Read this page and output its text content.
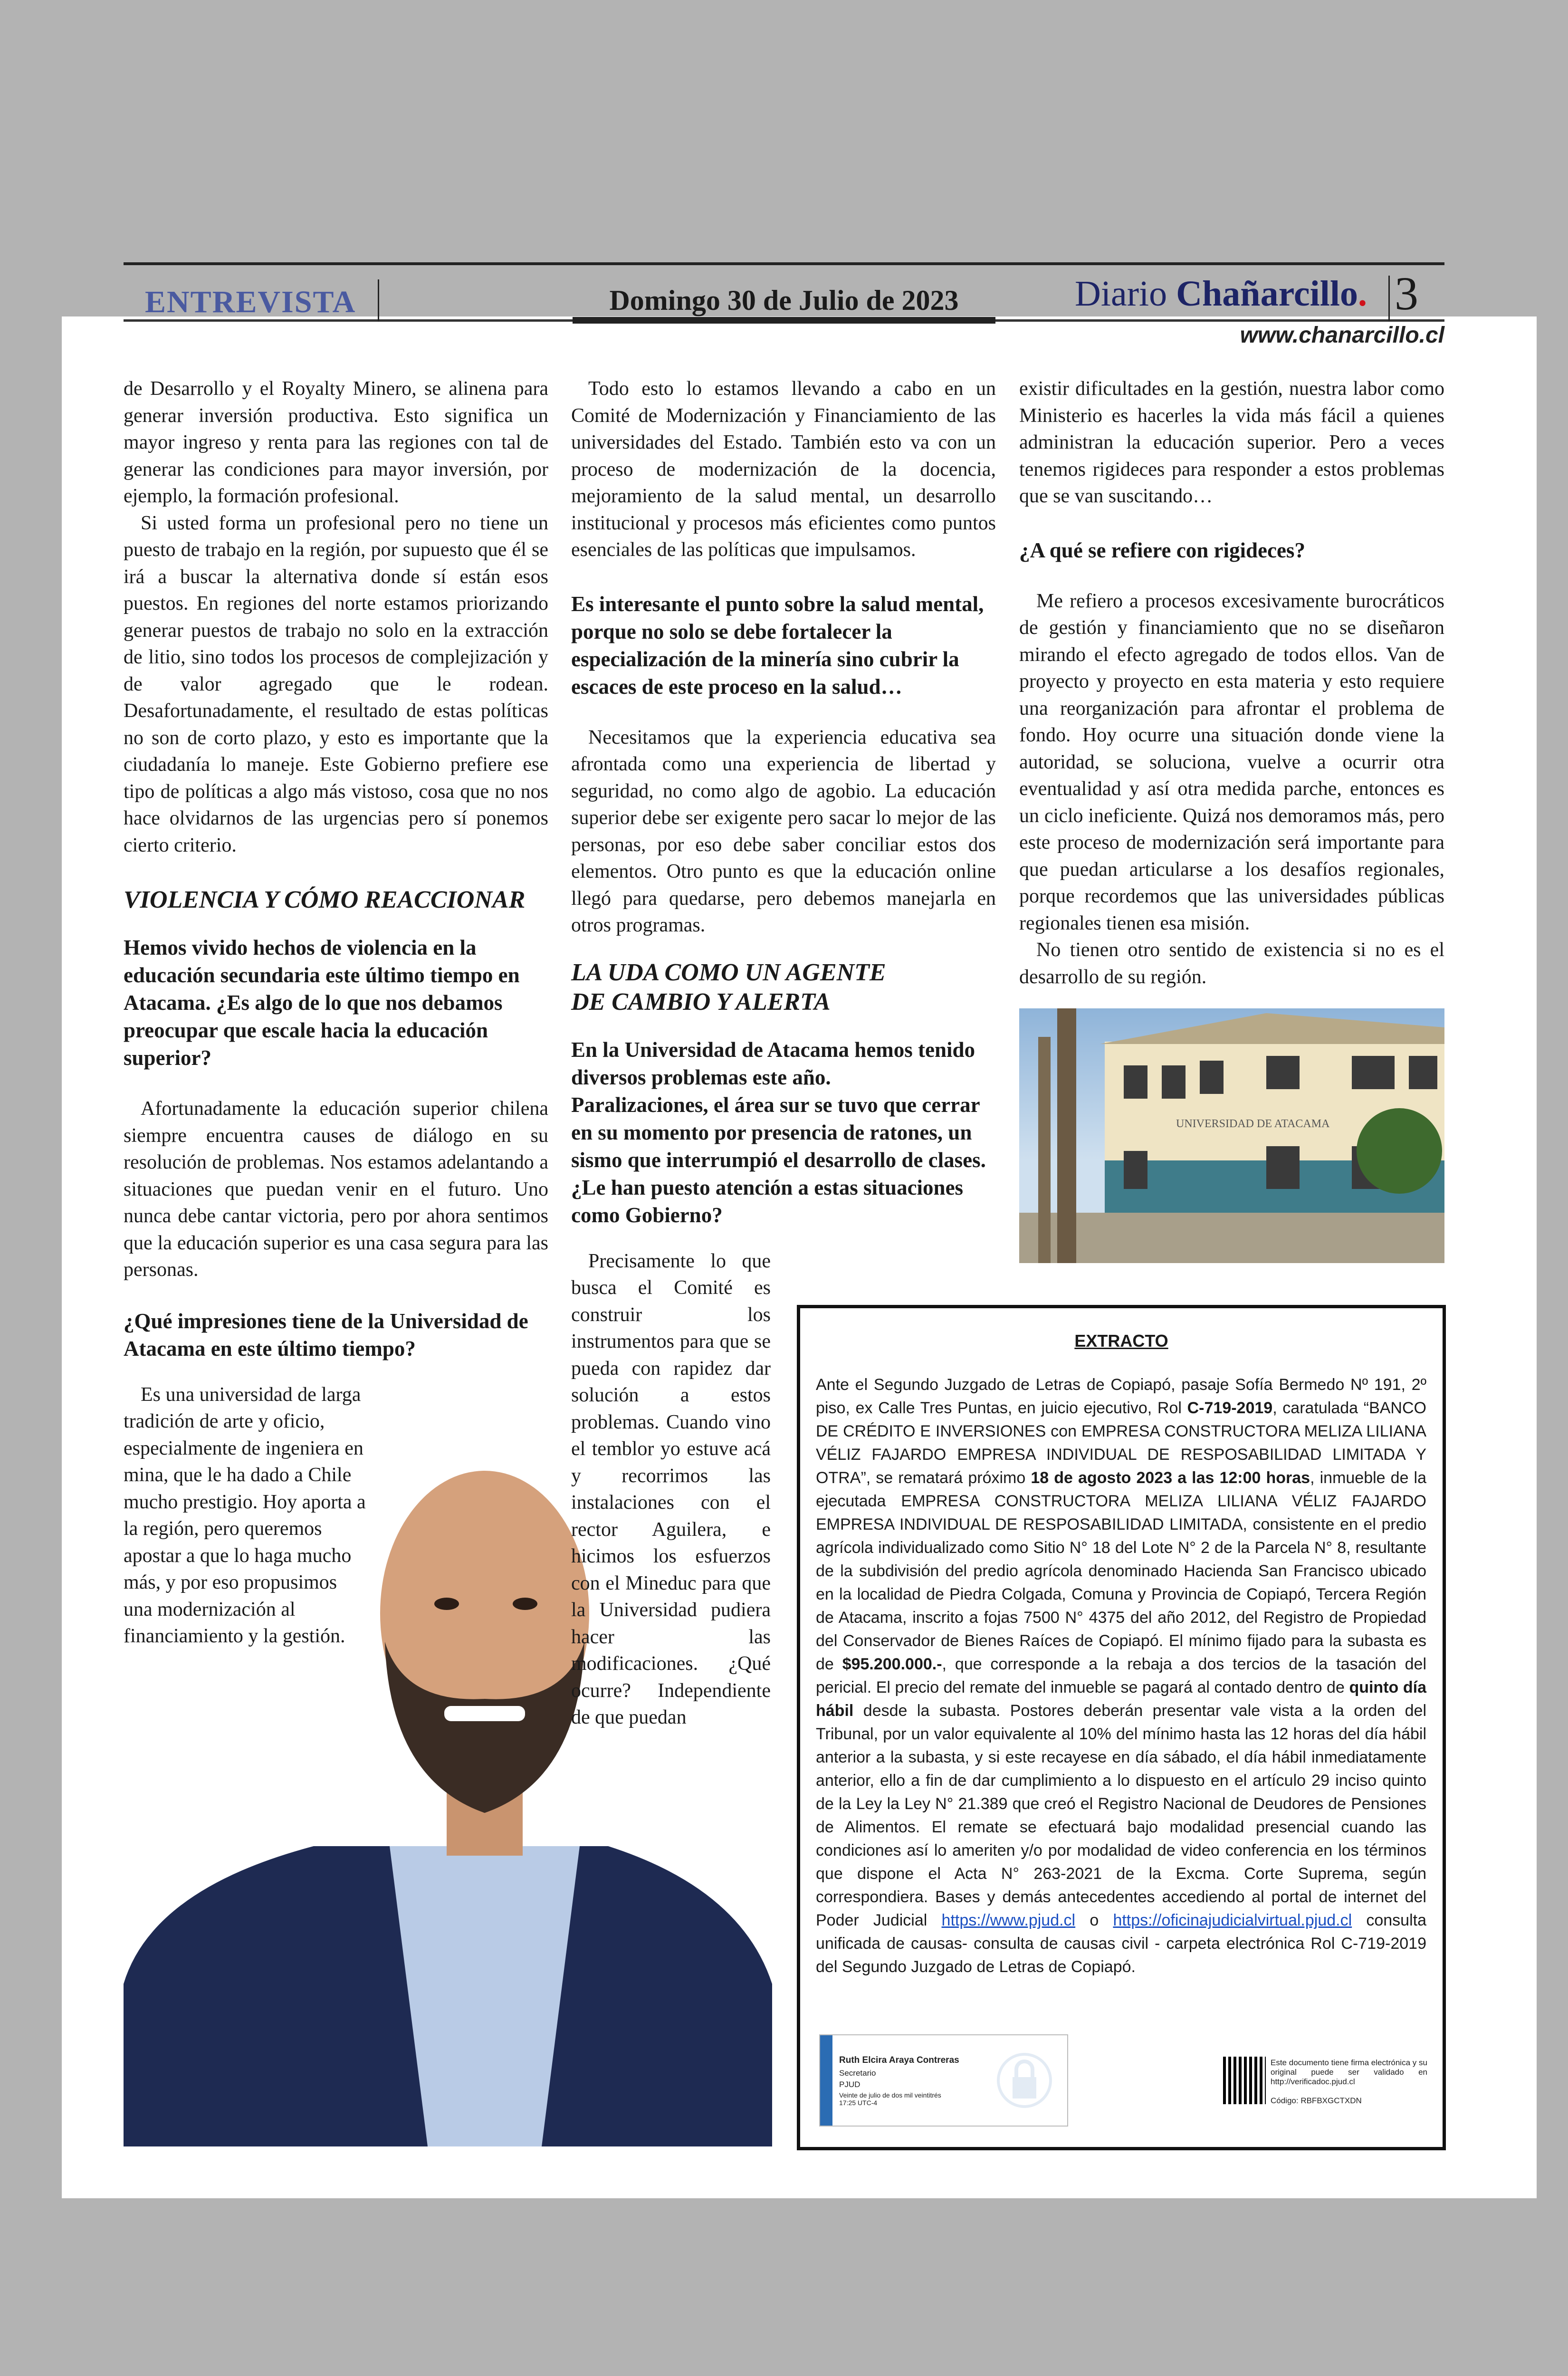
ENTREVISTA	Domingo 30 de Julio de 2023	Diario Chañarcillo. 3
www.chanarcillo.cl
UNIVERSIDAD DE ATACAMA

de Desarrollo y el Royalty Minero, se alinena para generar inversión productiva. Esto significa un mayor ingreso y renta para las regiones con tal de generar las condiciones para mayor inversión, por ejemplo, la formación profesional.

Si usted forma un profesional pero no tiene un puesto de trabajo en la región, por supuesto que él se irá a buscar la alternativa donde sí están esos puestos. En regiones del norte estamos priorizando generar puestos de trabajo no solo en la extracción de litio, sino todos los procesos de complejización y de valor agregado que le rodean. Desafortunadamente, el resultado de estas políticas no son de corto plazo, y esto es importante que la ciudadanía lo maneje. Este Gobierno prefiere ese tipo de políticas a algo más vistoso, cosa que no nos hace olvidarnos de las urgencias pero sí ponemos cierto criterio.

VIOLENCIA Y CÓMO REACCIONAR

Hemos vivido hechos de violencia en la educación secundaria este último tiempo en Atacama. ¿Es algo de lo que nos debamos preocupar que escale hacia la educación superior?

Afortunadamente la educación superior chilena siempre encuentra causes de diálogo en su resolución de problemas. Nos estamos adelantando a situaciones que puedan venir en el futuro. Uno nunca debe cantar victoria, pero por ahora sentimos que la educación superior es una casa segura para las personas.

¿Qué impresiones tiene de la Universidad de Atacama en este último tiempo?

Es una universidad de larga tradición de arte y oficio, especialmente de ingeniera en mina, que le ha dado a Chile mucho prestigio. Hoy aporta a la región, pero queremos apostar a que lo haga mucho más, y por eso propusimos una modernización al financiamiento y la gestión.

Todo esto lo estamos llevando a cabo en un Comité de Modernización y Financiamiento de las universidades del Estado. También esto va con un proceso de modernización de la docencia, mejoramiento de la salud mental, un desarrollo institucional y procesos más eficientes como puntos esenciales de las políticas que impulsamos.

Es interesante el punto sobre la salud mental, porque no solo se debe fortalecer la especialización de la minería sino cubrir la escaces de este proceso en la salud…

Necesitamos que la experiencia educativa sea afrontada como una experiencia de libertad y seguridad, no como algo de agobio. La educación superior debe ser exigente pero sacar lo mejor de las personas, por eso debe saber conciliar estos dos elementos. Otro punto es que la educación online llegó para quedarse, pero debemos manejarla en otros programas.

LA UDA COMO UN AGENTE
DE CAMBIO Y ALERTA

En la Universidad de Atacama hemos tenido diversos problemas este año.

Paralizaciones, el área sur se tuvo que cerrar en su momento por presencia de ratones, un sismo que interrumpió el desarrollo de clases. ¿Le han puesto atención a estas situaciones como Gobierno?

Precisamente lo que busca el Comité es construir los instrumentos para que se pueda con rapidez dar solución a estos problemas. Cuando vino el temblor yo estuve acá y recorrimos las instalaciones con el rector Aguilera, e hicimos los esfuerzos con el Mineduc para que la Universidad pudiera hacer las modificaciones. ¿Qué ocurre? Independiente de que puedan

existir dificultades en la gestión, nuestra labor como Ministerio es hacerles la vida más fácil a quienes administran la educación superior. Pero a veces tenemos rigideces para responder a estos problemas que se van suscitando…

¿A qué se refiere con rigideces?

Me refiero a procesos excesivamente burocráticos de gestión y financiamiento que no se diseñaron mirando el efecto agregado de todos ellos. Van de proyecto y proyecto en esta materia y esto requiere una reorganización para afrontar el problema de fondo. Hoy ocurre una situación donde viene la autoridad, se soluciona, vuelve a ocurrir otra eventualidad y así otra medida parche, entonces es un ciclo ineficiente. Quizá nos demoramos más, pero este proceso de modernización será importante para que puedan articularse a los desafíos regionales, porque recordemos que las universidades públicas regionales tienen esa misión.

No tienen otro sentido de existencia si no es el desarrollo de su región.

EXTRACTO
Ante el Segundo Juzgado de Letras de Copiapó, pasaje Sofía Bermedo Nº 191, 2º piso, ex Calle Tres Puntas, en juicio ejecutivo, Rol C-719-2019, caratulada “BANCO DE CRÉDITO E INVERSIONES con EMPRESA CONSTRUCTORA MELIZA LILIANA VÉLIZ FAJARDO EMPRESA INDIVIDUAL DE RESPOSABILIDAD LIMITADA Y OTRA”, se rematará próximo 18 de agosto 2023 a las 12:00 horas, inmueble de la ejecutada EMPRESA CONSTRUCTORA MELIZA LILIANA VÉLIZ FAJARDO EMPRESA INDIVIDUAL DE RESPOSABILIDAD LIMITADA, consistente en el predio agrícola individualizado como Sitio N° 18 del Lote N° 2 de la Parcela N° 8, resultante de la subdivisión del predio agrícola denominado Hacienda San Francisco ubicado en la localidad de Piedra Colgada, Comuna y Provincia de Copiapó, Tercera Región de Atacama, inscrito a fojas 7500 N° 4375 del año 2012, del Registro de Propiedad del Conservador de Bienes Raíces de Copiapó. El mínimo fijado para la subasta es de $95.200.000.-, que corresponde a la rebaja a dos tercios de la tasación del pericial. El precio del remate del inmueble se pagará al contado dentro de quinto día hábil desde la subasta. Postores deberán presentar vale vista a la orden del Tribunal, por un valor equivalente al 10% del mínimo hasta las 12 horas del día hábil anterior a la subasta, y si este recayese en día sábado, el día hábil inmediatamente anterior, ello a fin de dar cumplimiento a lo dispuesto en el artículo 29 inciso quinto de la Ley la Ley N° 21.389 que creó el Registro Nacional de Deudores de Pensiones de Alimentos. El remate se efectuará bajo modalidad presencial cuando las condiciones así lo ameriten y/o por modalidad de video conferencia en los términos que dispone el Acta N° 263-2021 de la Excma. Corte Suprema, según correspondiera. Bases y demás antecedentes accediendo al portal de internet del Poder Judicial https://www.pjud.cl o https://oficinajudicialvirtual.pjud.cl consulta unificada de causas- consulta de causas civil - carpeta electrónica Rol C-719-2019 del Segundo Juzgado de Letras de Copiapó.
Ruth Elcira Araya Contreras
Secretario
PJUD
Veinte de julio de dos mil veintitrés
17:25 UTC-4
Este documento tiene firma electrónica y su original puede ser validado en http://verificadoc.pjud.cl

Código: RBFBXGCTXDN
